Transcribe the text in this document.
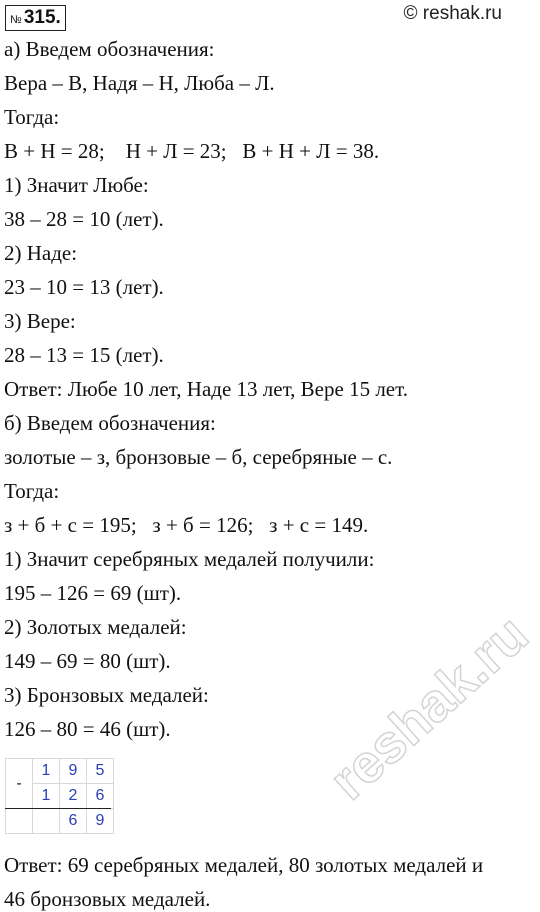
№ 315.	© reshak.ru
а) Введем обозначения:
Вера – В, Надя – Н, Люба – Л.
Тогда:
В + Н = 28;    Н + Л = 23;   В + Н + Л = 38.
1) Значит Любе:
38 – 28 = 10 (лет).
2) Наде:
23 – 10 = 13 (лет).
3) Вере:
28 – 13 = 15 (лет).
Ответ: Любе 10 лет, Наде 13 лет, Вере 15 лет.
б) Введем обозначения:
золотые – з, бронзовые – б, серебряные – с.
Тогда:
з + б + с = 195;   з + б = 126;   з + с = 149.
1) Значит серебряных медалей получили:
195 – 126 = 69 (шт).
2) Золотых медалей:
149 – 69 = 80 (шт).
3) Бронзовых медалей:
126 – 80 = 46 (шт).
-	1	9	5
	1	2	6
		6	9
reshak.ru
Ответ: 69 серебряных медалей, 80 золотых медалей и
46 бронзовых медалей.
